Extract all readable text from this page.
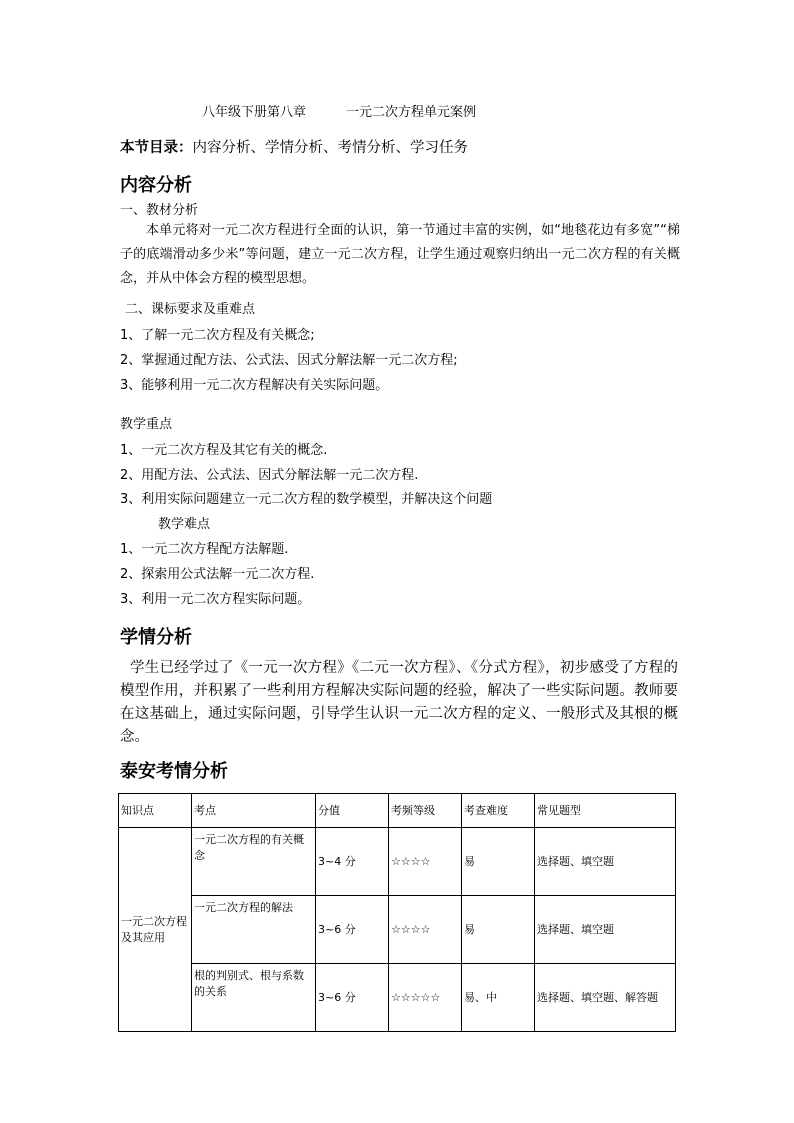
八年级下册第八章	一元二次方程单元案例
本节目录：内容分析、学情分析、考情分析、学习任务
内容分析
一、教材分析
本单元将对一元二次方程进行全面的认识，第一节通过丰富的实例，如“地毯花边有多宽”“梯子的底端滑动多少米”等问题，建立一元二次方程，让学生通过观察归纳出一元二次方程的有关概念，并从中体会方程的模型思想。
二、课标要求及重难点
1、了解一元二次方程及有关概念;
2、掌握通过配方法、公式法、因式分解法解一元二次方程;
3、能够利用一元二次方程解决有关实际问题。
教学重点
1、一元二次方程及其它有关的概念.
2、用配方法、公式法、因式分解法解一元二次方程.
3、利用实际问题建立一元二次方程的数学模型，并解决这个问题
教学难点
1、一元二次方程配方法解题.
2、探索用公式法解一元二次方程.
3、利用一元二次方程实际问题。
学情分析
学生已经学过了《一元一次方程》《二元一次方程》、《分式方程》，初步感受了方程的模型作用，并积累了一些利用方程解决实际问题的经验，解决了一些实际问题。教师要在这基础上，通过实际问题，引导学生认识一元二次方程的定义、一般形式及其根的概念。
泰安考情分析
知识点	考点	分值	考频等级	考查难度	常见题型
一元二次方程及其应用	一元二次方程的有关概念	3~4 分	☆☆☆☆	易	选择题、填空题
	一元二次方程的解法	3~6 分	☆☆☆☆	易	选择题、填空题
	根的判别式、根与系数的关系	3~6 分	☆☆☆☆☆	易、中	选择题、填空题、解答题
